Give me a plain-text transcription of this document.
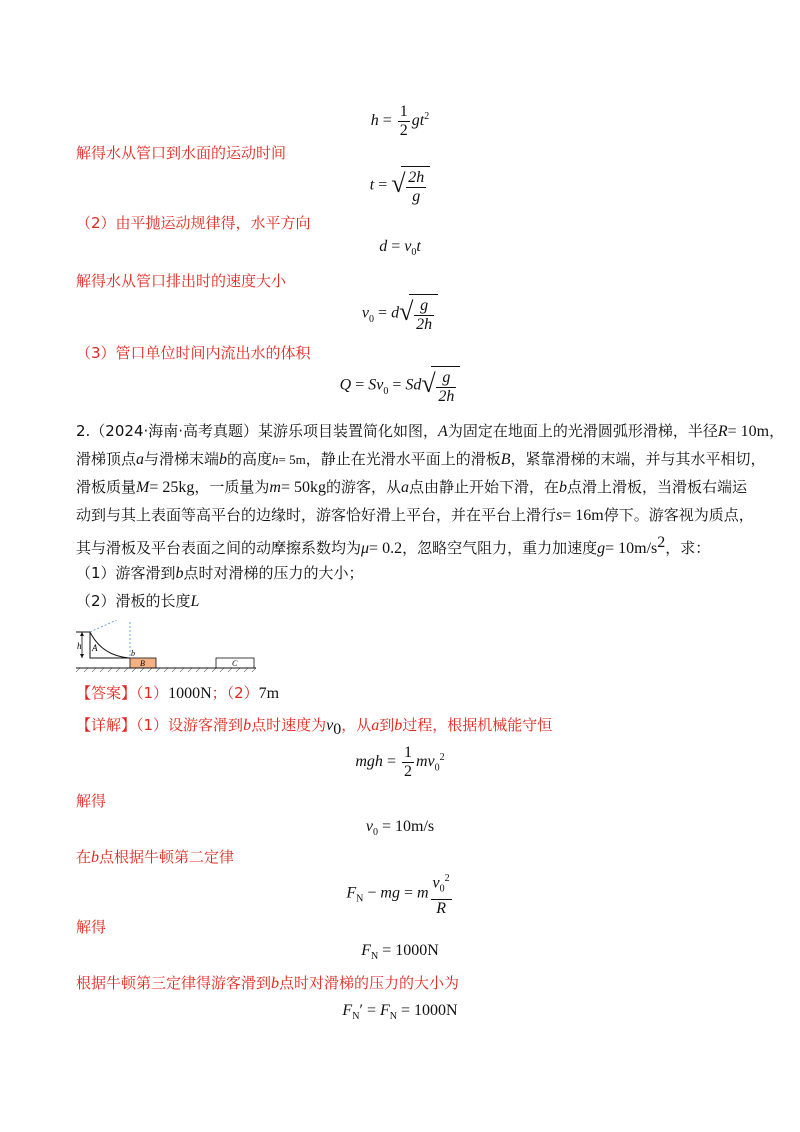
$h = \frac{1}{2} gt^2$
解得水从管口到水面的运动时间
t = √ $\frac{2h}{g}$
（2）由平抛运动规律得，水平方向
$d = v_0t$
解得水从管口排出时的速度大小
$v_0 = d$ √ $\frac{g}{2h}$
（3）管口单位时间内流出水的体积
$Q = Sv_0 = Sd$ √ $\frac{g}{2h}$
2.（2024·海南·高考真题）某游乐项目装置简化如图，A为固定在地面上的光滑圆弧形滑梯，半径R= 10m，
滑梯顶点a与滑梯末端b的高度h= 5m，静止在光滑水平面上的滑板B，紧靠滑梯的末端，并与其水平相切，
滑板质量M= 25kg，一质量为m= 50kg的游客，从a点由静止开始下滑，在b点滑上滑板，当滑板右端运
动到与其上表面等高平台的边缘时，游客恰好滑上平台，并在平台上滑行s= 16m停下。游客视为质点，
其与滑板及平台表面之间的动摩擦系数均为μ= 0.2，忽略空气阻力，重力加速度$g= 10m/s^2$，求：
（1）游客滑到b点时对滑梯的压力的大小；
（2）滑板的长度L
h A
b
B	C
【答案】（1）1000N；（2）7m
【详解】（1）设游客滑到b点时速度为$v_0$，从a到b过程，根据机械能守恒
mgh = $\frac{1}{2} mv_0^2$
解得
$v_0 = 10m/s$
在b点根据牛顿第二定律
$F_N$ − mg = m $\frac{v_0^2}{R}$
解得
$F_N = 1000N$
根据牛顿第三定律得游客滑到b点时对滑梯的压力的大小为
$F_N' = F_N = 1000N$
